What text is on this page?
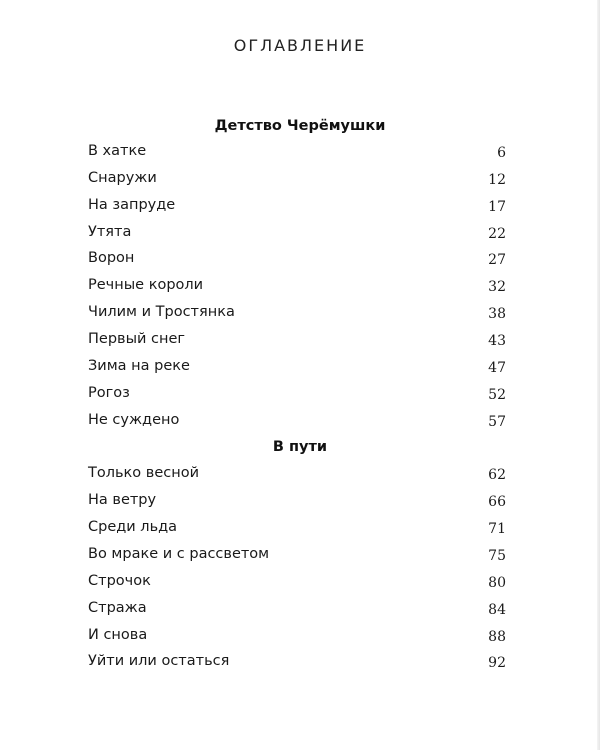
ОГЛАВЛЕНИЕ
Детство Черёмушки
В хатке	6
Снаружи	12
На запруде	17
Утята	22
Ворон	27
Речные короли	32
Чилим и Тростянка	38
Первый снег	43
Зима на реке	47
Рогоз	52
Не суждено	57
В пути
Только весной	62
На ветру	66
Среди льда	71
Во мраке и с рассветом	75
Строчок	80
Стража	84
И снова	88
Уйти или остаться	92
